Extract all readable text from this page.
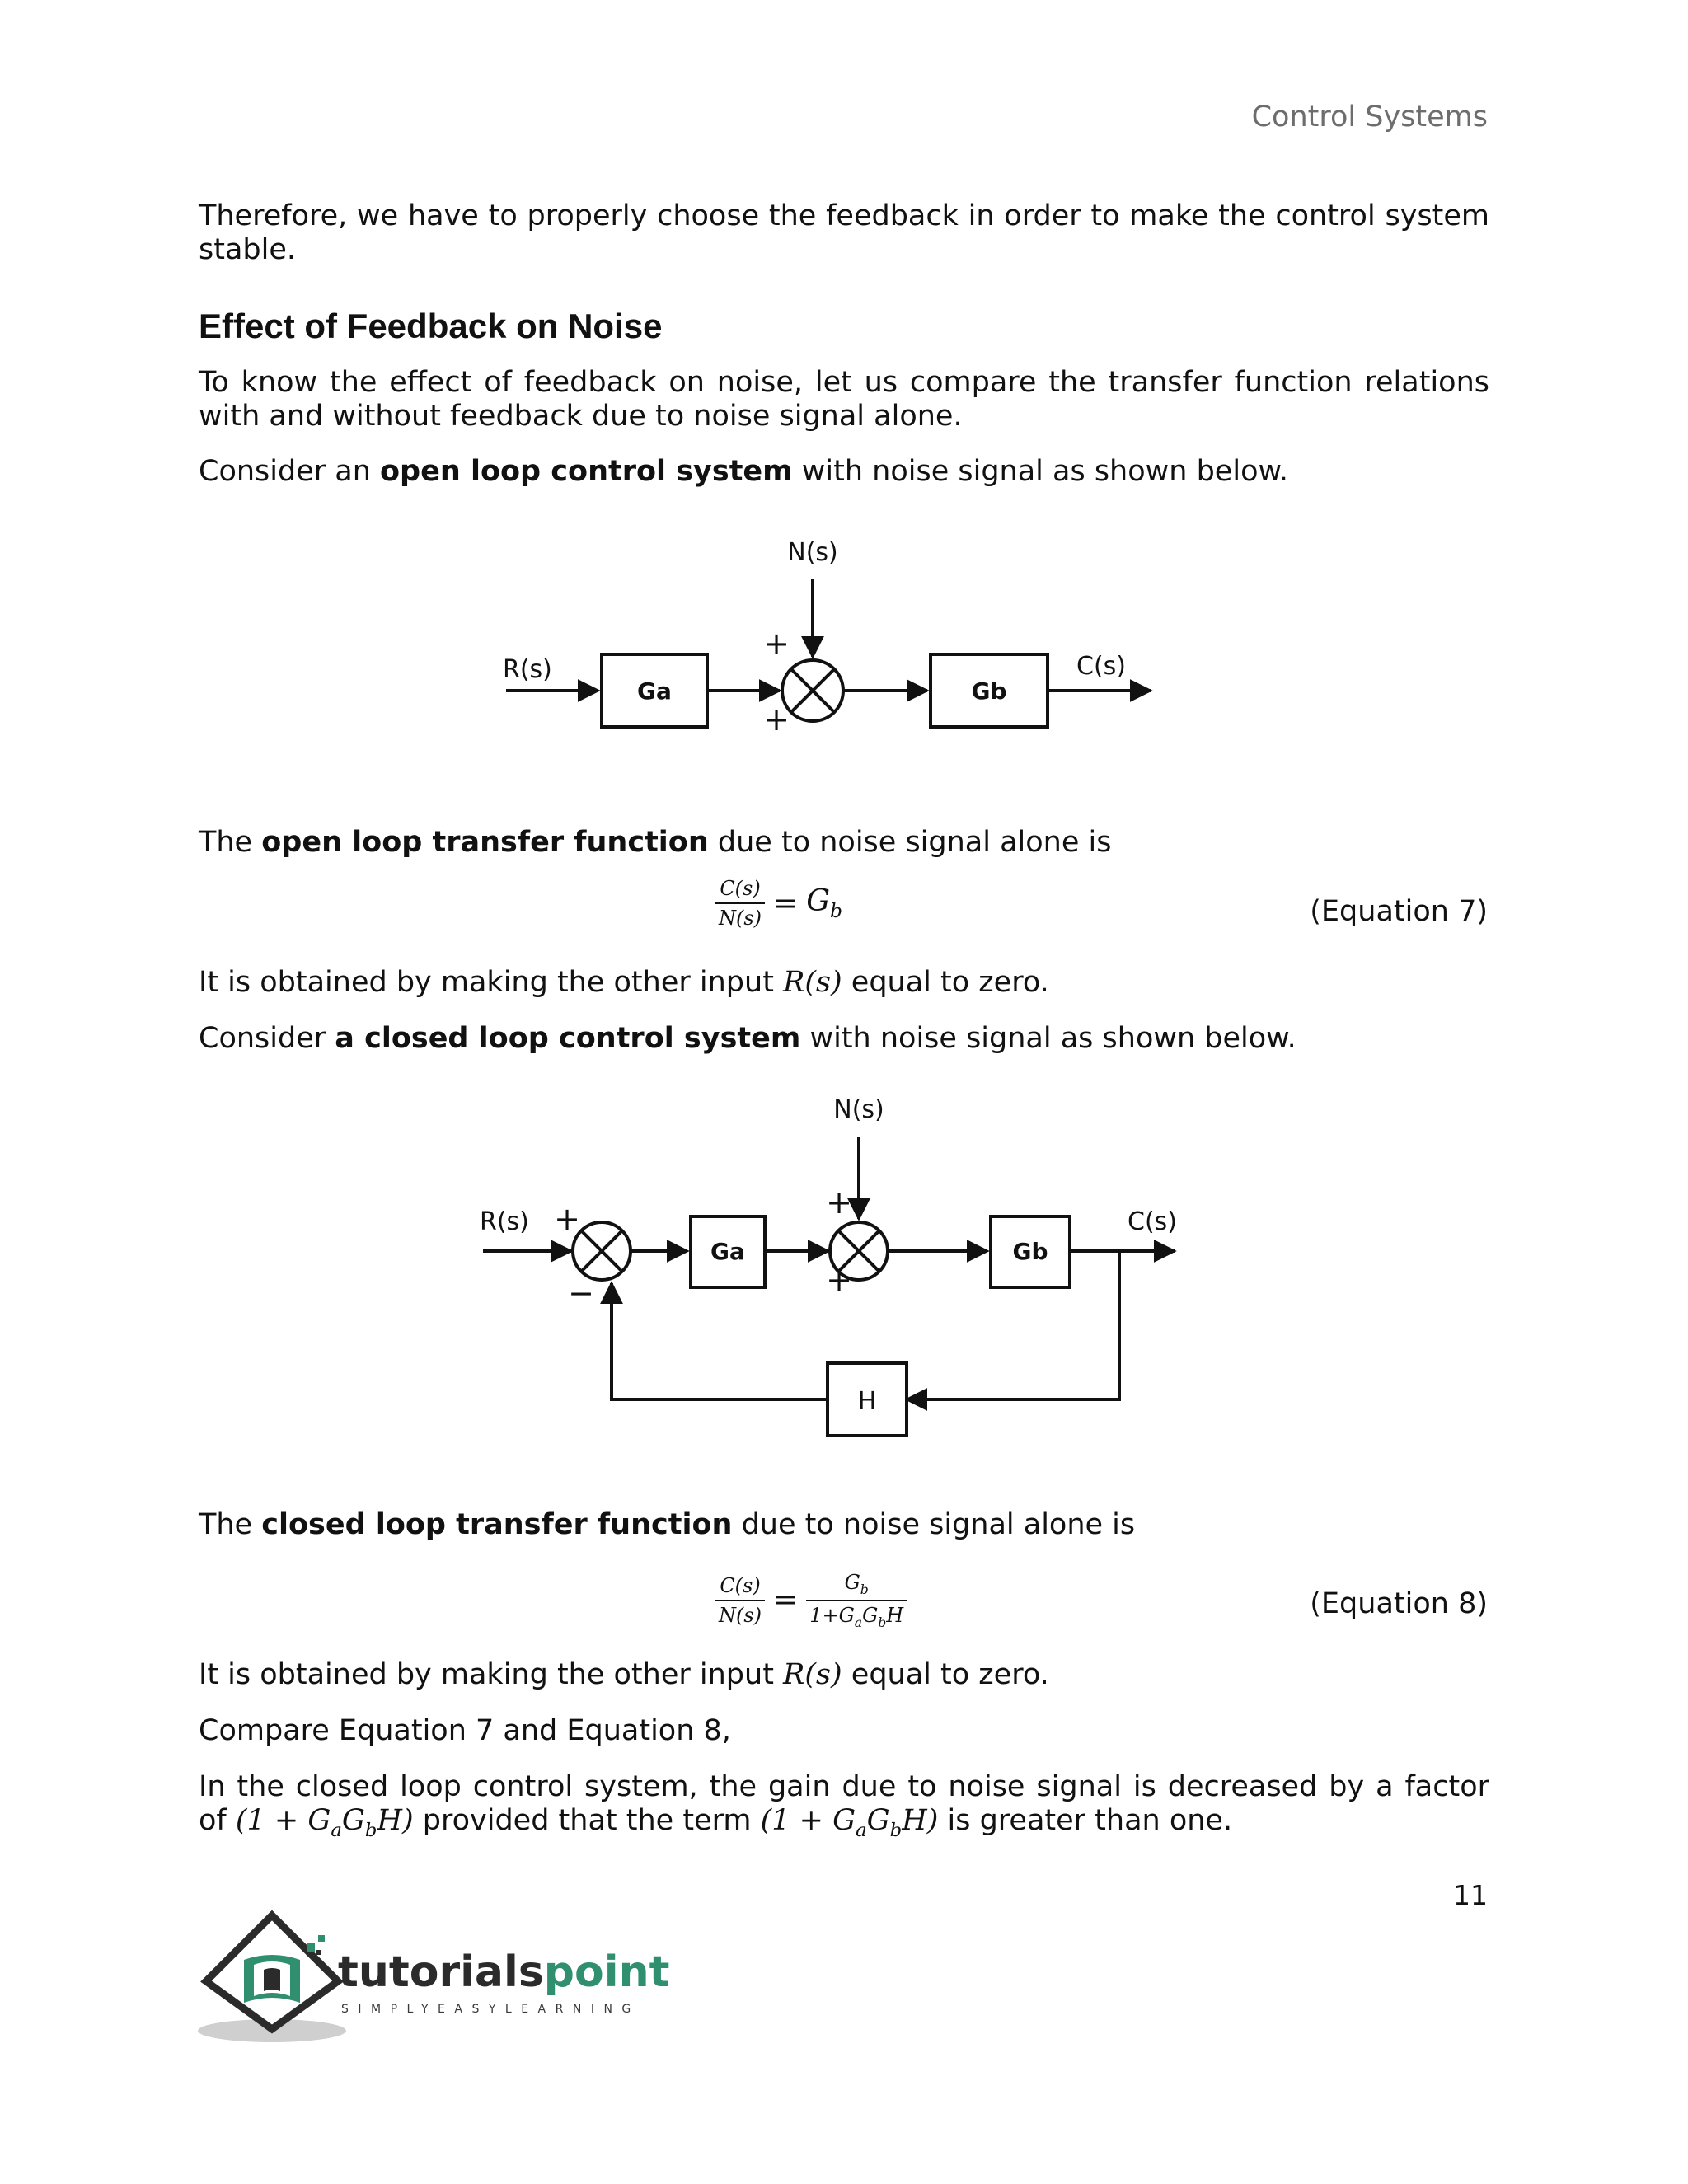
Control Systems
Therefore, we have to properly choose the feedback in order to make the control system stable.
Effect of Feedback on Noise
To know the effect of feedback on noise, let us compare the transfer function relations with and without feedback due to noise signal alone.
Consider an open loop control system with noise signal as shown below.
R(s)
Ga
N(s)
+
+
Gb
C(s)
The open loop transfer function due to noise signal alone is
$\frac{C(s)}{N(s)} = G_b$	(Equation 7)
It is obtained by making the other input R(s) equal to zero.
Consider a closed loop control system with noise signal as shown below.
R(s) +
−
Ga
N(s)
+
+
Gb
C(s)
H
The closed loop transfer function due to noise signal alone is
$\frac{C(s)}{N(s)} = \frac{G_b}{1+G_aG_bH}$	(Equation 8)
It is obtained by making the other input R(s) equal to zero.
Compare Equation 7 and Equation 8,
In the closed loop control system, the gain due to noise signal is decreased by a factor of $(1 + G_aG_bH)$ provided that the term $(1 + G_aG_bH)$ is greater than one.
11
tutorialspoint
SIMPLYEASYLEARNING
